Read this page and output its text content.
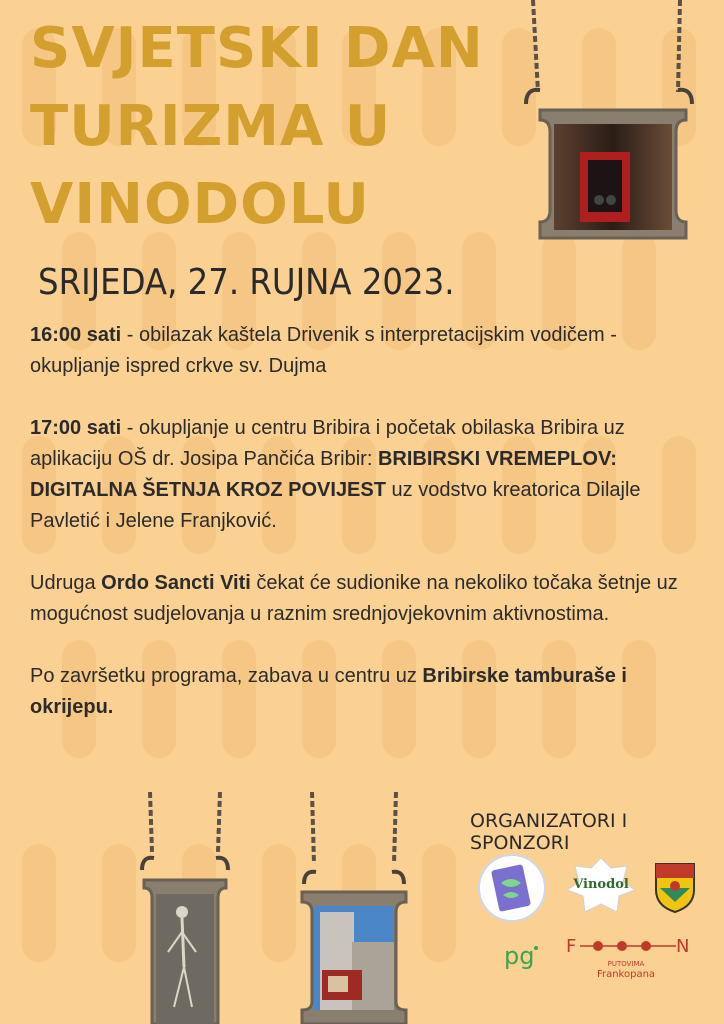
SVJETSKI DAN
TURIZMA U
VINODOLU
SRIJEDA, 27. RUJNA 2023.

16:00 sati - obilazak kaštela Drivenik s interpretacijskim vodičem - okupljanje ispred crkve sv. Dujma

17:00 sati - okupljanje u centru Bribira i početak obilaska Bribira uz aplikaciju OŠ dr. Josipa Pančića Bribir: BRIBIRSKI VREMEPLOV: DIGITALNA ŠETNJA KROZ POVIJEST uz vodstvo kreatorica Dilajle Pavletić i Jelene Franjković.

Udruga Ordo Sancti Viti čekat će sudionike na nekoliko točaka šetnje uz mogućnost sudjelovanja u raznim srednjovjekovnim aktivnostima.

Po završetku programa, zabava u centru uz Bribirske tamburaše i okrijepu.

ORGANIZATORI I SPONZORI
Vinodol
pg F	N
PUTOVIMA
Frankopana
